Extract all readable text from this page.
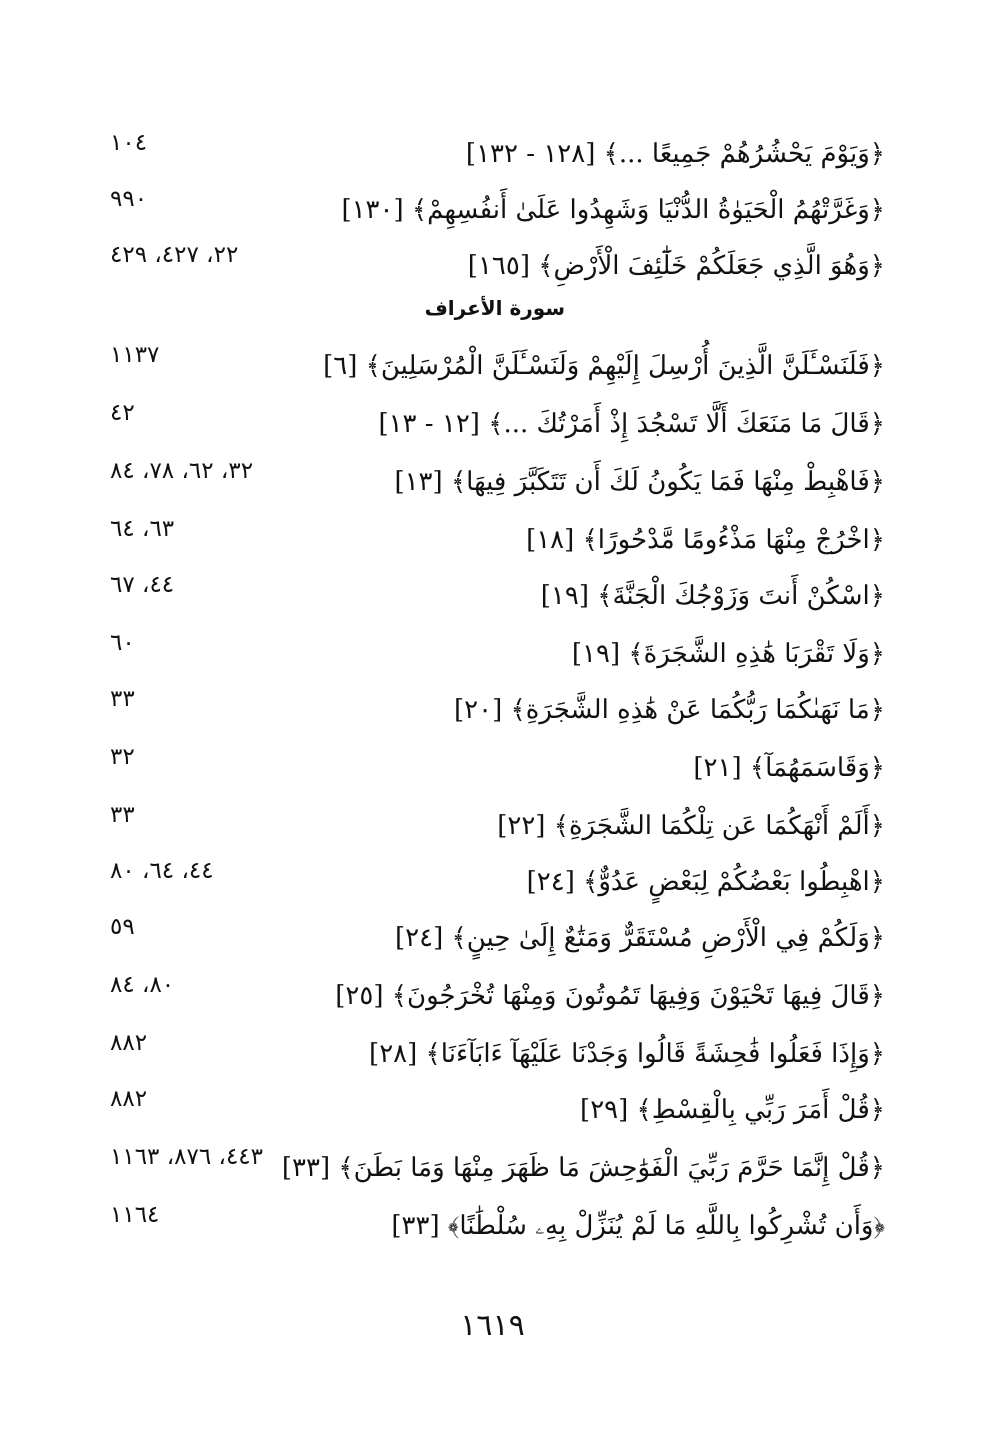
﴿وَيَوْمَ يَحْشُرُهُمْ جَمِيعًا ...﴾ [١٢٨ - ١٣٢]
١٠٤
﴿وَغَرَّتْهُمُ الْحَيَوٰةُ الدُّنْيَا وَشَهِدُوا عَلَىٰ أَنفُسِهِمْ﴾ [١٣٠]
٩٩٠
﴿وَهُوَ الَّذِي جَعَلَكُمْ خَلَٰٓئِفَ الْأَرْضِ﴾ [١٦٥]
٢٢، ٤٢٧، ٤٢٩
سورة الأعراف
﴿فَلَنَسْـَٔلَنَّ الَّذِينَ أُرْسِلَ إِلَيْهِمْ وَلَنَسْـَٔلَنَّ الْمُرْسَلِينَ﴾ [٦]
١١٣٧
﴿قَالَ مَا مَنَعَكَ أَلَّا تَسْجُدَ إِذْ أَمَرْتُكَ ...﴾ [١٢ - ١٣]
٤٢
﴿فَاهْبِطْ مِنْهَا فَمَا يَكُونُ لَكَ أَن تَتَكَبَّرَ فِيهَا﴾ [١٣]
٣٢، ٦٢، ٧٨، ٨٤
﴿اخْرُجْ مِنْهَا مَذْءُومًا مَّدْحُورًا﴾ [١٨]
٦٣، ٦٤
﴿اسْكُنْ أَنتَ وَزَوْجُكَ الْجَنَّةَ﴾ [١٩]
٤٤، ٦٧
﴿وَلَا تَقْرَبَا هَٰذِهِ الشَّجَرَةَ﴾ [١٩]
٦٠
﴿مَا نَهَىٰكُمَا رَبُّكُمَا عَنْ هَٰذِهِ الشَّجَرَةِ﴾ [٢٠]
٣٣
﴿وَقَاسَمَهُمَآ﴾ [٢١]
٣٢
﴿أَلَمْ أَنْهَكُمَا عَن تِلْكُمَا الشَّجَرَةِ﴾ [٢٢]
٣٣
﴿اهْبِطُوا بَعْضُكُمْ لِبَعْضٍ عَدُوٌّ﴾ [٢٤]
٤٤، ٦٤، ٨٠
﴿وَلَكُمْ فِي الْأَرْضِ مُسْتَقَرٌّ وَمَتَٰعٌ إِلَىٰ حِينٍ﴾ [٢٤]
٥٩
﴿قَالَ فِيهَا تَحْيَوْنَ وَفِيهَا تَمُوتُونَ وَمِنْهَا تُخْرَجُونَ﴾ [٢٥]
٨٠، ٨٤
﴿وَإِذَا فَعَلُوا فَٰحِشَةً قَالُوا وَجَدْنَا عَلَيْهَآ ءَابَآءَنَا﴾ [٢٨]
٨٨٢
﴿قُلْ أَمَرَ رَبِّي بِالْقِسْطِ﴾ [٢٩]
٨٨٢
﴿قُلْ إِنَّمَا حَرَّمَ رَبِّيَ الْفَوَٰحِشَ مَا ظَهَرَ مِنْهَا وَمَا بَطَنَ﴾ [٣٣]
٤٤٣، ٨٧٦، ١١٦٣
﴿وَأَن تُشْرِكُوا بِاللَّهِ مَا لَمْ يُنَزِّلْ بِهِۦ سُلْطَٰنًا﴾ [٣٣]
١١٦٤
١٦١٩
